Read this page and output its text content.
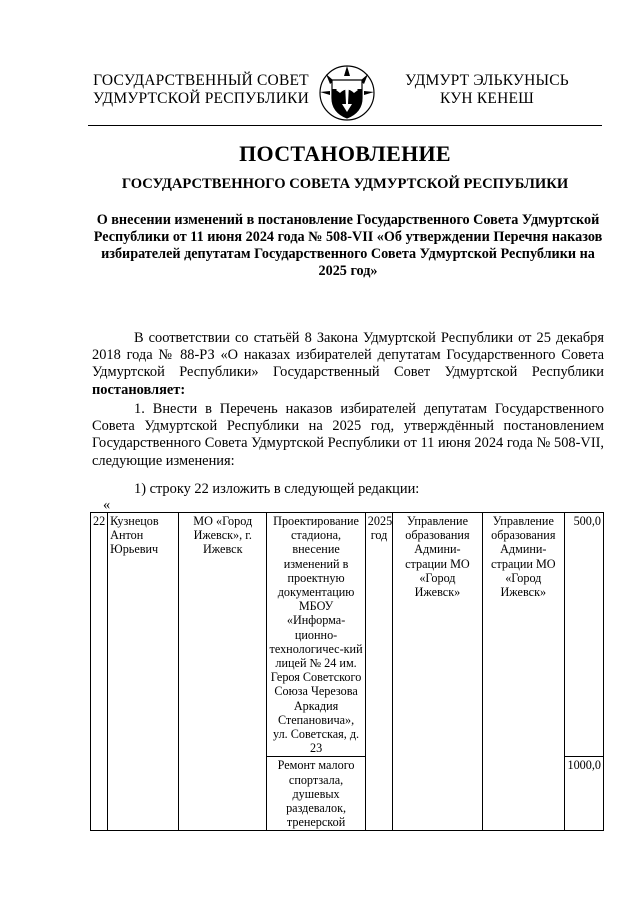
ГОСУДАРСТВЕННЫЙ СОВЕТ
УДМУРТСКОЙ РЕСПУБЛИКИ
УДМУРТ ЭЛЬКУНЫСЬ
КУН КЕНЕШ
ПОСТАНОВЛЕНИЕ
ГОСУДАРСТВЕННОГО СОВЕТА УДМУРТСКОЙ РЕСПУБЛИКИ
О внесении изменений в постановление Государственного Совета Удмуртской Республики от 11 июня 2024 года № 508-VII «Об утверждении Перечня наказов избирателей депутатам Государственного Совета Удмуртской Республики на 2025 год»
В соответствии со статьёй 8 Закона Удмуртской Республики от 25 декабря 2018 года № 88-РЗ «О наказах избирателей депутатам Государственного Совета Удмуртской Республики» Государственный Совет Удмуртской Республики постановляет:
1. Внести в Перечень наказов избирателей депутатам Государственного Совета Удмуртской Республики на 2025 год, утверждённый постановлением Государственного Совета Удмуртской Республики от 11 июня 2024 года № 508-VII, следующие изменения:
1) строку 22 изложить в следующей редакции:
«
22	Кузнецов Антон Юрьевич	МО «Город Ижевск», г. Ижевск	Проектирование стадиона, внесение изменений в проектную документацию МБОУ «Информа-ционно-технологичес-кий лицей № 24 им. Героя Советского Союза Черезова Аркадия Степановича», ул. Советская, д. 23	2025 год	Управление образования Админи-страции МО «Город Ижевск»	Управление образования Админи-страции МО «Город Ижевск»	500,0
			Ремонт малого спортзала, душевых раздевалок, тренерской				1000,0
